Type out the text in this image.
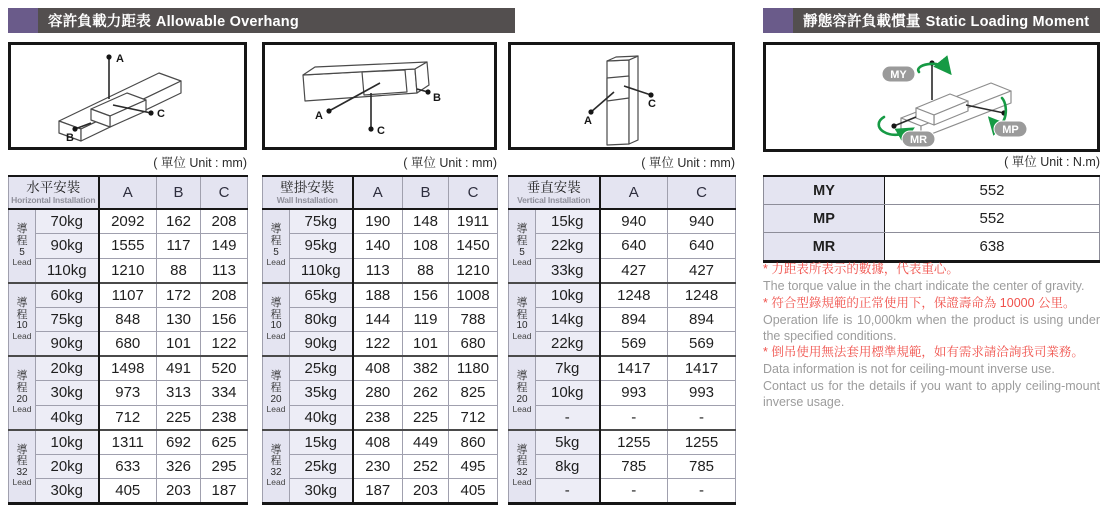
容許負載力距表 Allowable Overhang	靜態容許負載慣量 Static Loading Moment
A
B
C	A
B
C
A
C
MY
MP
MR
( 單位 Unit : mm)	( 單位 Unit : mm)	( 單位 Unit : mm)	( 單位 Unit : N.m)
水平安裝
Horizontal Installation		A	B	C

導
程
5
Lead	70kg	2092	162	208
	90kg	1555	117	149
	110kg	1210	88	113

導
程
10
Lead	60kg	1107	172	208
	75kg	848	130	156
	90kg	680	101	122

導
程
20
Lead	20kg	1498	491	520
	30kg	973	313	334
	40kg	712	225	238

導
程
32
Lead	10kg	1311	692	625
	20kg	633	326	295
	30kg	405	203	187
壁掛安裝
Wall Installation		A	B	C

導
程
5
Lead	75kg	190	148	1911
	95kg	140	108	1450
	110kg	113	88	1210

導
程
10
Lead	65kg	188	156	1008
	80kg	144	119	788
	90kg	122	101	680

導
程
20
Lead	25kg	408	382	1180
	35kg	280	262	825
	40kg	238	225	712

導
程
32
Lead	15kg	408	449	860
	25kg	230	252	495
	30kg	187	203	405
垂直安裝
Vertical Installation		A	C

導
程
5
Lead	15kg	940	940
	22kg	640	640
	33kg	427	427

導
程
10
Lead	10kg	1248	1248
	14kg	894	894
	22kg	569	569

導
程
20
Lead	7kg	1417	1417
	10kg	993	993
	-	-	-

導
程
32
Lead	5kg	1255	1255
	8kg	785	785
	-	-	-
MY	552
MP	552
MR	638

* 力距表所表示的數據，代表重心。

The torque value in the chart indicate the center of gravity.

* 符合型錄規範的正常使用下，保證壽命為 10000 公里。

Operation life is 10,000km when the product is using under the specified conditions.

* 倒吊使用無法套用標準規範，如有需求請洽詢我司業務。

Data information is not for ceiling-mount inverse use.

Contact us for the details if you want to apply ceiling-mount inverse usage.
